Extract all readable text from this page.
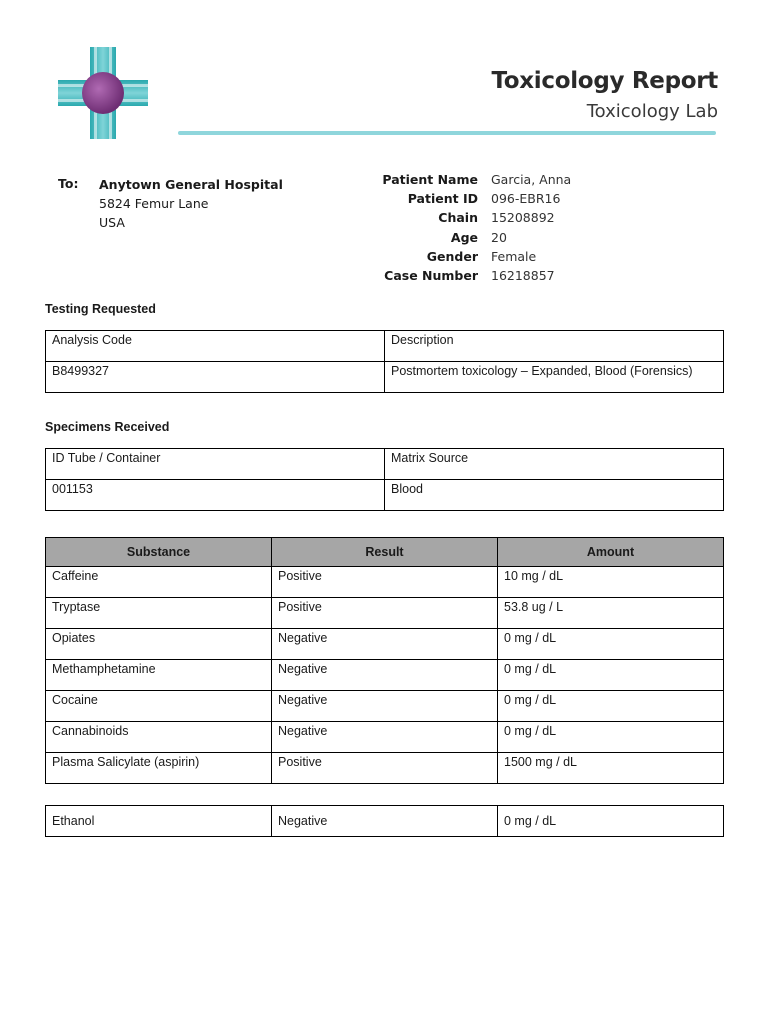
Toxicology Report
Toxicology Lab
To: Anytown General Hospital
5824 Femur Lane
USA
Patient Name	Garcia, Anna
Patient ID	096-EBR16
Chain	15208892
Age	20
Gender	Female
Case Number	16218857
Testing Requested
Analysis Code	Description
B8499327	Postmortem toxicology – Expanded, Blood (Forensics)
Specimens Received
ID Tube / Container	Matrix Source
001153	Blood
Substance	Result	Amount
Caffeine	Positive	10 mg / dL
Tryptase	Positive	53.8 ug / L
Opiates	Negative	0 mg / dL
Methamphetamine	Negative	0 mg / dL
Cocaine	Negative	0 mg / dL
Cannabinoids	Negative	0 mg / dL
Plasma Salicylate (aspirin)	Positive	1500 mg / dL
Ethanol	Negative	0 mg / dL
